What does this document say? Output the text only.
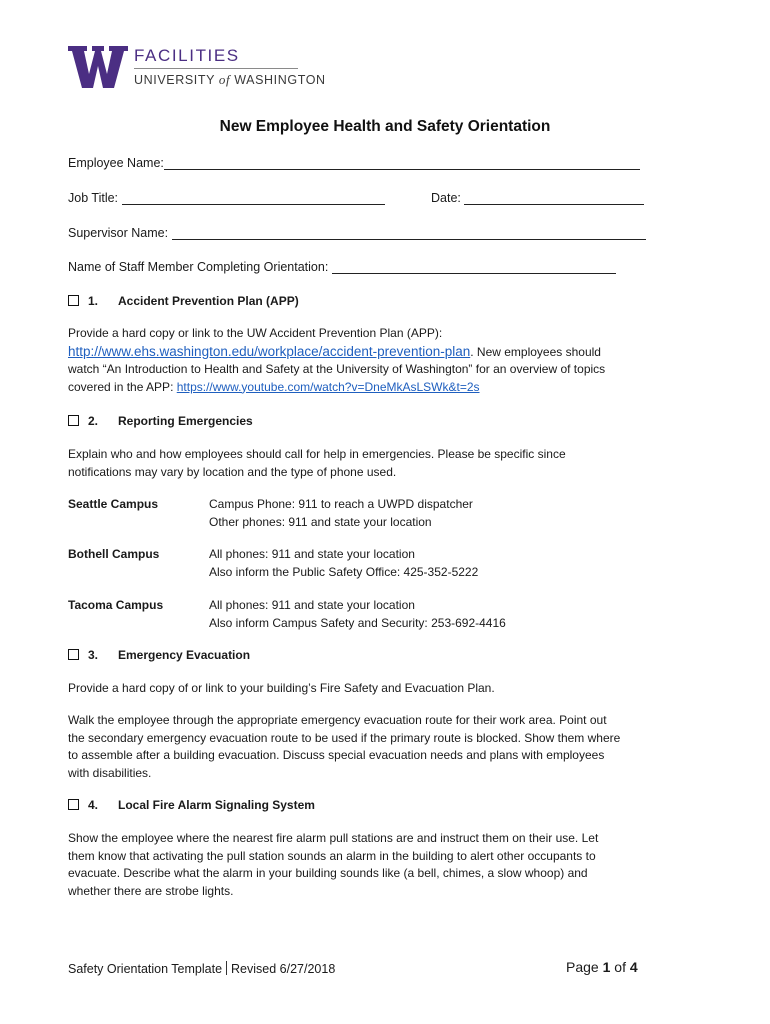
FACILITIES
UNIVERSITY of WASHINGTON
New Employee Health and Safety Orientation
Employee Name:
Job Title:	Date:
Supervisor Name:
Name of Staff Member Completing Orientation:
1. Accident Prevention Plan (APP)
Provide a hard copy or link to the UW Accident Prevention Plan (APP):
http://www.ehs.washington.edu/workplace/accident-prevention-plan. New employees should
watch “An Introduction to Health and Safety at the University of Washington” for an overview of topics
covered in the APP: https://www.youtube.com/watch?v=DneMkAsLSWk&t=2s
2. Reporting Emergencies
Explain who and how employees should call for help in emergencies. Please be specific since
notifications may vary by location and the type of phone used.
Seattle Campus	Campus Phone: 911 to reach a UWPD dispatcher
Other phones: 911 and state your location
Bothell Campus	All phones: 911 and state your location
Also inform the Public Safety Office: 425-352-5222
Tacoma Campus	All phones: 911 and state your location
Also inform Campus Safety and Security: 253-692-4416
3. Emergency Evacuation
Provide a hard copy of or link to your building’s Fire Safety and Evacuation Plan.
Walk the employee through the appropriate emergency evacuation route for their work area. Point out
the secondary emergency evacuation route to be used if the primary route is blocked. Show them where
to assemble after a building evacuation. Discuss special evacuation needs and plans with employees
with disabilities.
4. Local Fire Alarm Signaling System
Show the employee where the nearest fire alarm pull stations are and instruct them on their use. Let
them know that activating the pull station sounds an alarm in the building to alert other occupants to
evacuate. Describe what the alarm in your building sounds like (a bell, chimes, a slow whoop) and
whether there are strobe lights.
Safety Orientation Template Revised 6/27/2018	Page 1 of 4
